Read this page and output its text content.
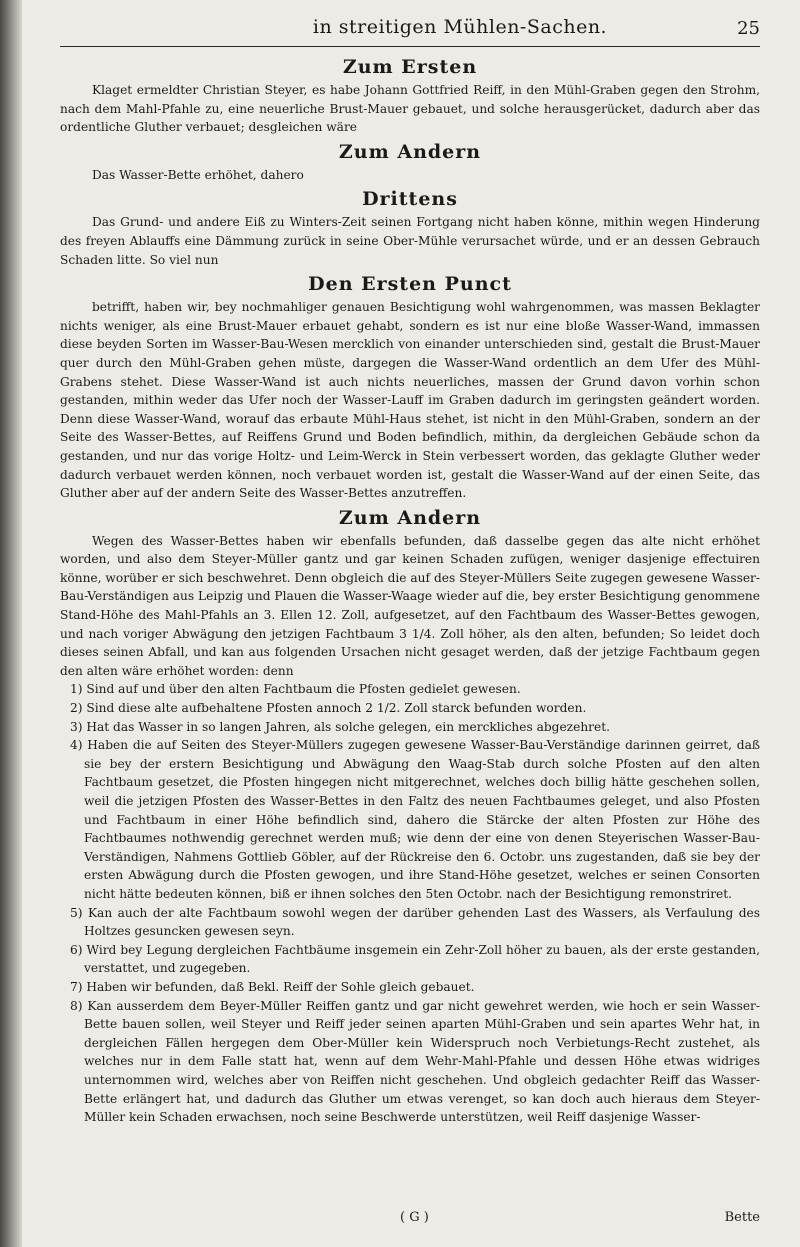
in streitigen Mühlen-Sachen.	25
Zum Ersten

Klaget ermeldter Christian Steyer, es habe Johann Gottfried Reiff, in den Mühl-Graben gegen den Strohm, nach dem Mahl-Pfahle zu, eine neuerliche Brust-Mauer gebauet, und solche herausgerücket, dadurch aber das ordentliche Gluther verbauet; desgleichen wäre

Zum Andern

Das Wasser-Bette erhöhet, dahero

Drittens

Das Grund- und andere Eiß zu Winters-Zeit seinen Fortgang nicht haben könne, mithin wegen Hinderung des freyen Ablauffs eine Dämmung zurück in seine Ober-Mühle verursachet würde, und er an dessen Gebrauch Schaden litte. So viel nun

Den Ersten Punct

betrifft, haben wir, bey nochmahliger genauen Besichtigung wohl wahrgenommen, was massen Beklagter nichts weniger, als eine Brust-Mauer erbauet gehabt, sondern es ist nur eine bloße Wasser-Wand, immassen diese beyden Sorten im Wasser-Bau-Wesen mercklich von einander unterschieden sind, gestalt die Brust-Mauer quer durch den Mühl-Graben gehen müste, dargegen die Wasser-Wand ordentlich an dem Ufer des Mühl-Grabens stehet. Diese Wasser-Wand ist auch nichts neuerliches, massen der Grund davon vorhin schon gestanden, mithin weder das Ufer noch der Wasser-Lauff im Graben dadurch im geringsten geändert worden. Denn diese Wasser-Wand, worauf das erbaute Mühl-Haus stehet, ist nicht in den Mühl-Graben, sondern an der Seite des Wasser-Bettes, auf Reiffens Grund und Boden befindlich, mithin, da dergleichen Gebäude schon da gestanden, und nur das vorige Holtz- und Leim-Werck in Stein verbessert worden, das geklagte Gluther weder dadurch verbauet werden können, noch verbauet worden ist, gestalt die Wasser-Wand auf der einen Seite, das Gluther aber auf der andern Seite des Wasser-Bettes anzutreffen.

Zum Andern

Wegen des Wasser-Bettes haben wir ebenfalls befunden, daß dasselbe gegen das alte nicht erhöhet worden, und also dem Steyer-Müller gantz und gar keinen Schaden zufügen, weniger dasjenige effectuiren könne, worüber er sich beschwehret. Denn obgleich die auf des Steyer-Müllers Seite zugegen gewesene Wasser-Bau-Verständigen aus Leipzig und Plauen die Wasser-Waage wieder auf die, bey erster Besichtigung genommene Stand-Höhe des Mahl-Pfahls an 3. Ellen 12. Zoll, aufgesetzet, auf den Fachtbaum des Wasser-Bettes gewogen, und nach voriger Abwägung den jetzigen Fachtbaum 3 1/4. Zoll höher, als den alten, befunden; So leidet doch dieses seinen Abfall, und kan aus folgenden Ursachen nicht gesaget werden, daß der jetzige Fachtbaum gegen den alten wäre erhöhet worden: denn

1) Sind auf und über den alten Fachtbaum die Pfosten gedielet gewesen.
2) Sind diese alte aufbehaltene Pfosten annoch 2 1/2. Zoll starck befunden worden.
3) Hat das Wasser in so langen Jahren, als solche gelegen, ein merckliches abgezehret.
4) Haben die auf Seiten des Steyer-Müllers zugegen gewesene Wasser-Bau-Verständige darinnen geirret, daß sie bey der erstern Besichtigung und Abwägung den Waag-Stab durch solche Pfosten auf den alten Fachtbaum gesetzet, die Pfosten hingegen nicht mitgerechnet, welches doch billig hätte geschehen sollen, weil die jetzigen Pfosten des Wasser-Bettes in den Faltz des neuen Fachtbaumes geleget, und also Pfosten und Fachtbaum in einer Höhe befindlich sind, dahero die Stärcke der alten Pfosten zur Höhe des Fachtbaumes nothwendig gerechnet werden muß; wie denn der eine von denen Steyerischen Wasser-Bau-Verständigen, Nahmens Gottlieb Göbler, auf der Rückreise den 6. Octobr. uns zugestanden, daß sie bey der ersten Abwägung durch die Pfosten gewogen, und ihre Stand-Höhe gesetzet, welches er seinen Consorten nicht hätte bedeuten können, biß er ihnen solches den 5ten Octobr. nach der Besichtigung remonstriret.
5) Kan auch der alte Fachtbaum sowohl wegen der darüber gehenden Last des Wassers, als Verfaulung des Holtzes gesuncken gewesen seyn.
6) Wird bey Legung dergleichen Fachtbäume insgemein ein Zehr-Zoll höher zu bauen, als der erste gestanden, verstattet, und zugegeben.
7) Haben wir befunden, daß Bekl. Reiff der Sohle gleich gebauet.
8) Kan ausserdem dem Beyer-Müller Reiffen gantz und gar nicht gewehret werden, wie hoch er sein Wasser-Bette bauen sollen, weil Steyer und Reiff jeder seinen aparten Mühl-Graben und sein apartes Wehr hat, in dergleichen Fällen hergegen dem Ober-Müller kein Widerspruch noch Verbietungs-Recht zustehet, als welches nur in dem Falle statt hat, wenn auf dem Wehr-Mahl-Pfahle und dessen Höhe etwas widriges unternommen wird, welches aber von Reiffen nicht geschehen. Und obgleich gedachter Reiff das Wasser-Bette erlängert hat, und dadurch das Gluther um etwas verenget, so kan doch auch hieraus dem Steyer-Müller kein Schaden erwachsen, noch seine Beschwerde unterstützen, weil Reiff dasjenige Wasser-
( G )	Bette
